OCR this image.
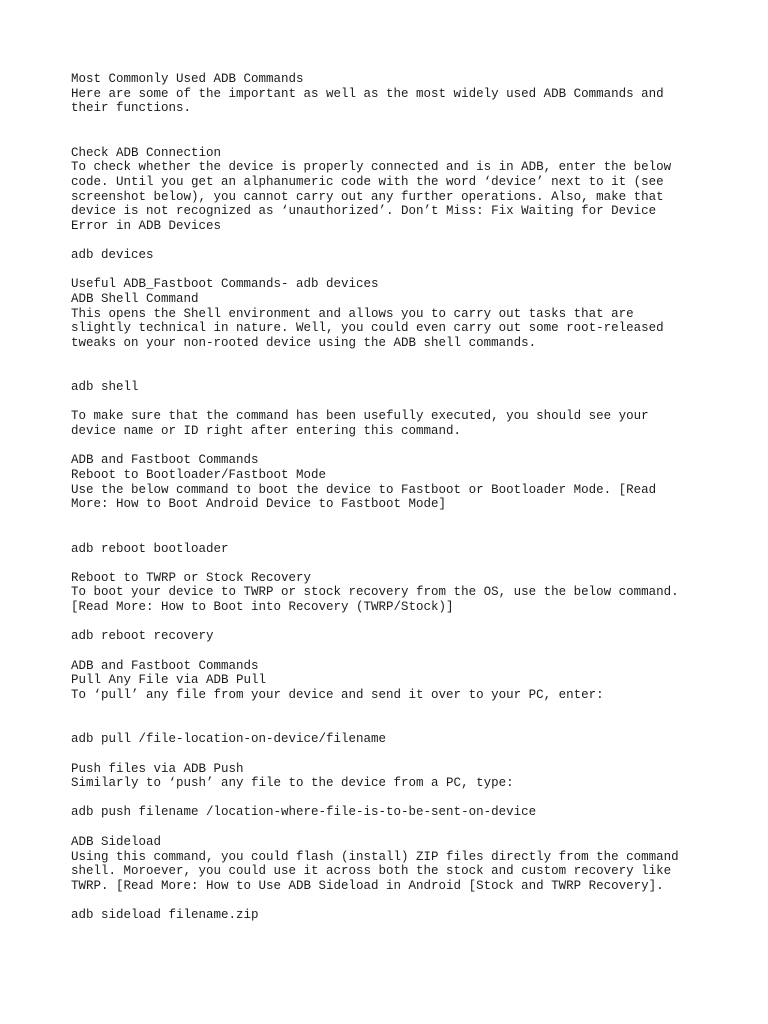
Most Commonly Used ADB Commands

Here are some of the important as well as the most widely used ADB Commands and

their functions.

Check ADB Connection

To check whether the device is properly connected and is in ADB, enter the below

code. Until you get an alphanumeric code with the word ‘device’ next to it (see

screenshot below), you cannot carry out any further operations. Also, make that

device is not recognized as ‘unauthorized’. Don’t Miss: Fix Waiting for Device

Error in ADB Devices

adb devices

Useful ADB_Fastboot Commands- adb devices

ADB Shell Command

This opens the Shell environment and allows you to carry out tasks that are

slightly technical in nature. Well, you could even carry out some root-released

tweaks on your non-rooted device using the ADB shell commands.

adb shell

To make sure that the command has been usefully executed, you should see your

device name or ID right after entering this command.

ADB and Fastboot Commands

Reboot to Bootloader/Fastboot Mode

Use the below command to boot the device to Fastboot or Bootloader Mode. [Read

More: How to Boot Android Device to Fastboot Mode]

adb reboot bootloader

Reboot to TWRP or Stock Recovery

To boot your device to TWRP or stock recovery from the OS, use the below command.

[Read More: How to Boot into Recovery (TWRP/Stock)]

adb reboot recovery

ADB and Fastboot Commands

Pull Any File via ADB Pull

To ‘pull’ any file from your device and send it over to your PC, enter:

adb pull /file-location-on-device/filename

Push files via ADB Push

Similarly to ‘push’ any file to the device from a PC, type:

adb push filename /location-where-file-is-to-be-sent-on-device

ADB Sideload

Using this command, you could flash (install) ZIP files directly from the command

shell. Moroever, you could use it across both the stock and custom recovery like

TWRP. [Read More: How to Use ADB Sideload in Android [Stock and TWRP Recovery].

adb sideload filename.zip
